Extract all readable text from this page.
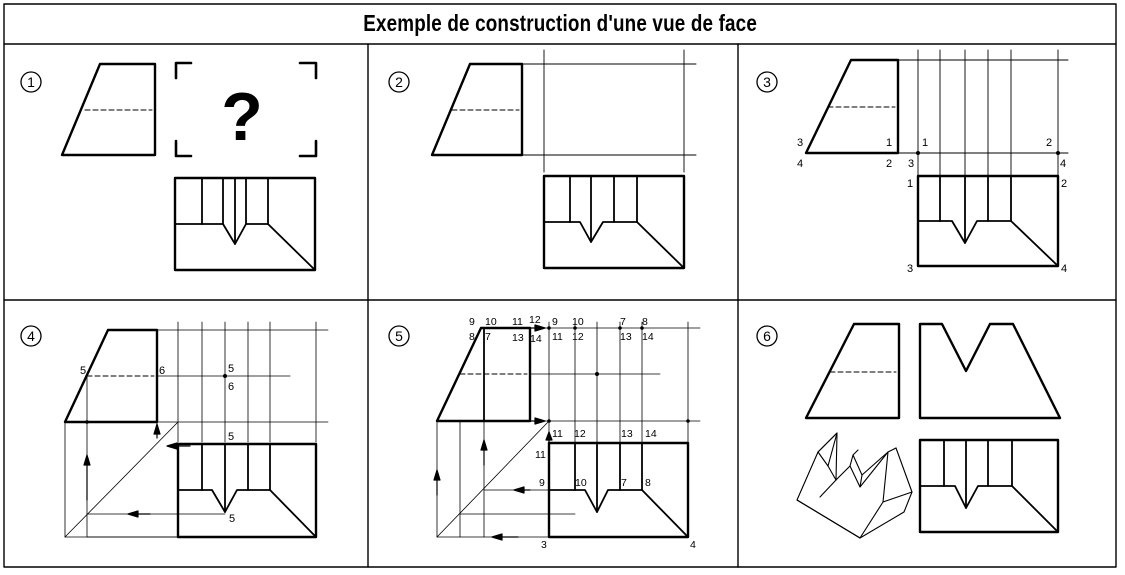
Exemple de construction d'une vue de face
1	?	2	3
3
4
1
2
1
3
2
4
1	2
3	4
4
5	6	5
6
5
5
5
9 10 11 12 9 10	7 8
8 7 13 14 11 12	13 14
11 12	13 14
11
9	10	7 8
3	4
6
